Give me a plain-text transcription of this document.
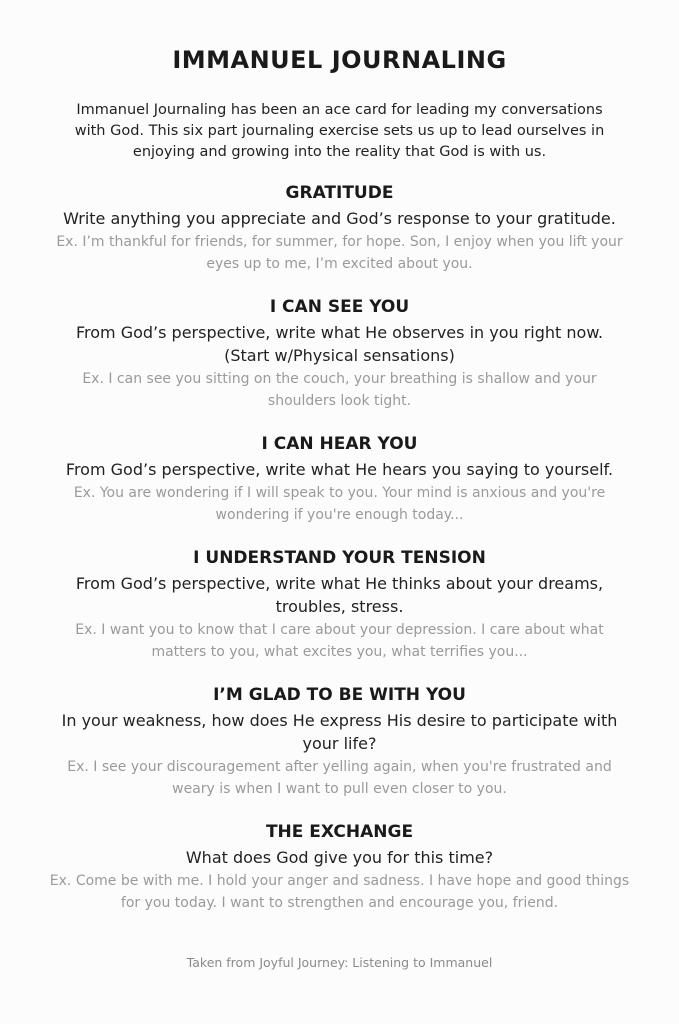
IMMANUEL JOURNALING

Immanuel Journaling has been an ace card for leading my conversations with God. This six part journaling exercise sets us up to lead ourselves in enjoying and growing into the reality that God is with us.

GRATITUDE

Write anything you appreciate and God’s response to your gratitude.

Ex. I’m thankful for friends, for summer, for hope. Son, I enjoy when you lift your eyes up to me, I’m excited about you.

I CAN SEE YOU

From God’s perspective, write what He observes in you right now. (Start w/Physical sensations)

Ex. I can see you sitting on the couch, your breathing is shallow and your shoulders look tight.

I CAN HEAR YOU

From God’s perspective, write what He hears you saying to yourself.

Ex. You are wondering if I will speak to you. Your mind is anxious and you're wondering if you're enough today...

I UNDERSTAND YOUR TENSION

From God’s perspective, write what He thinks about your dreams, troubles, stress.

Ex. I want you to know that I care about your depression. I care about what matters to you, what excites you, what terrifies you...

I’M GLAD TO BE WITH YOU

In your weakness, how does He express His desire to participate with your life?

Ex. I see your discouragement after yelling again, when you're frustrated and weary is when I want to pull even closer to you.

THE EXCHANGE

What does God give you for this time?

Ex. Come be with me. I hold your anger and sadness. I have hope and good things for you today. I want to strengthen and encourage you, friend.

Taken from Joyful Journey: Listening to Immanuel
